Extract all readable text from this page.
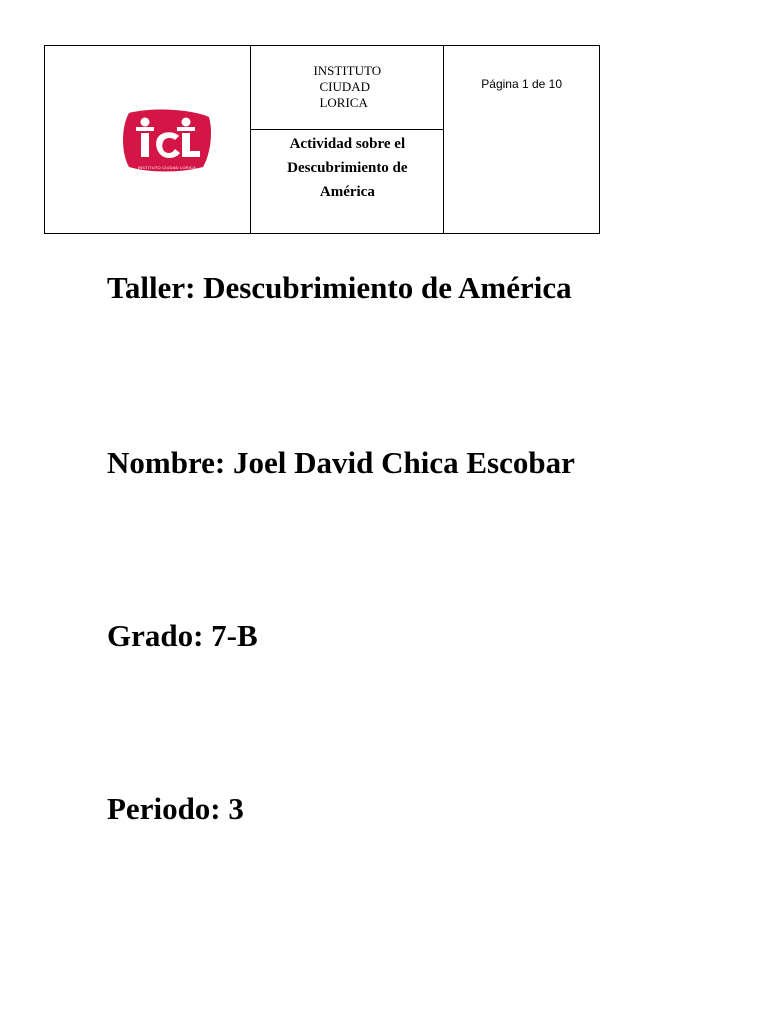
INSTITUTO CIUDAD LORICA

INSTITUTO
CIUDAD
LORICA
Actividad sobre el
Descubrimiento de
América

Página 1 de 10
Taller: Descubrimiento de América
Nombre: Joel David Chica Escobar
Grado: 7-B
Periodo: 3
